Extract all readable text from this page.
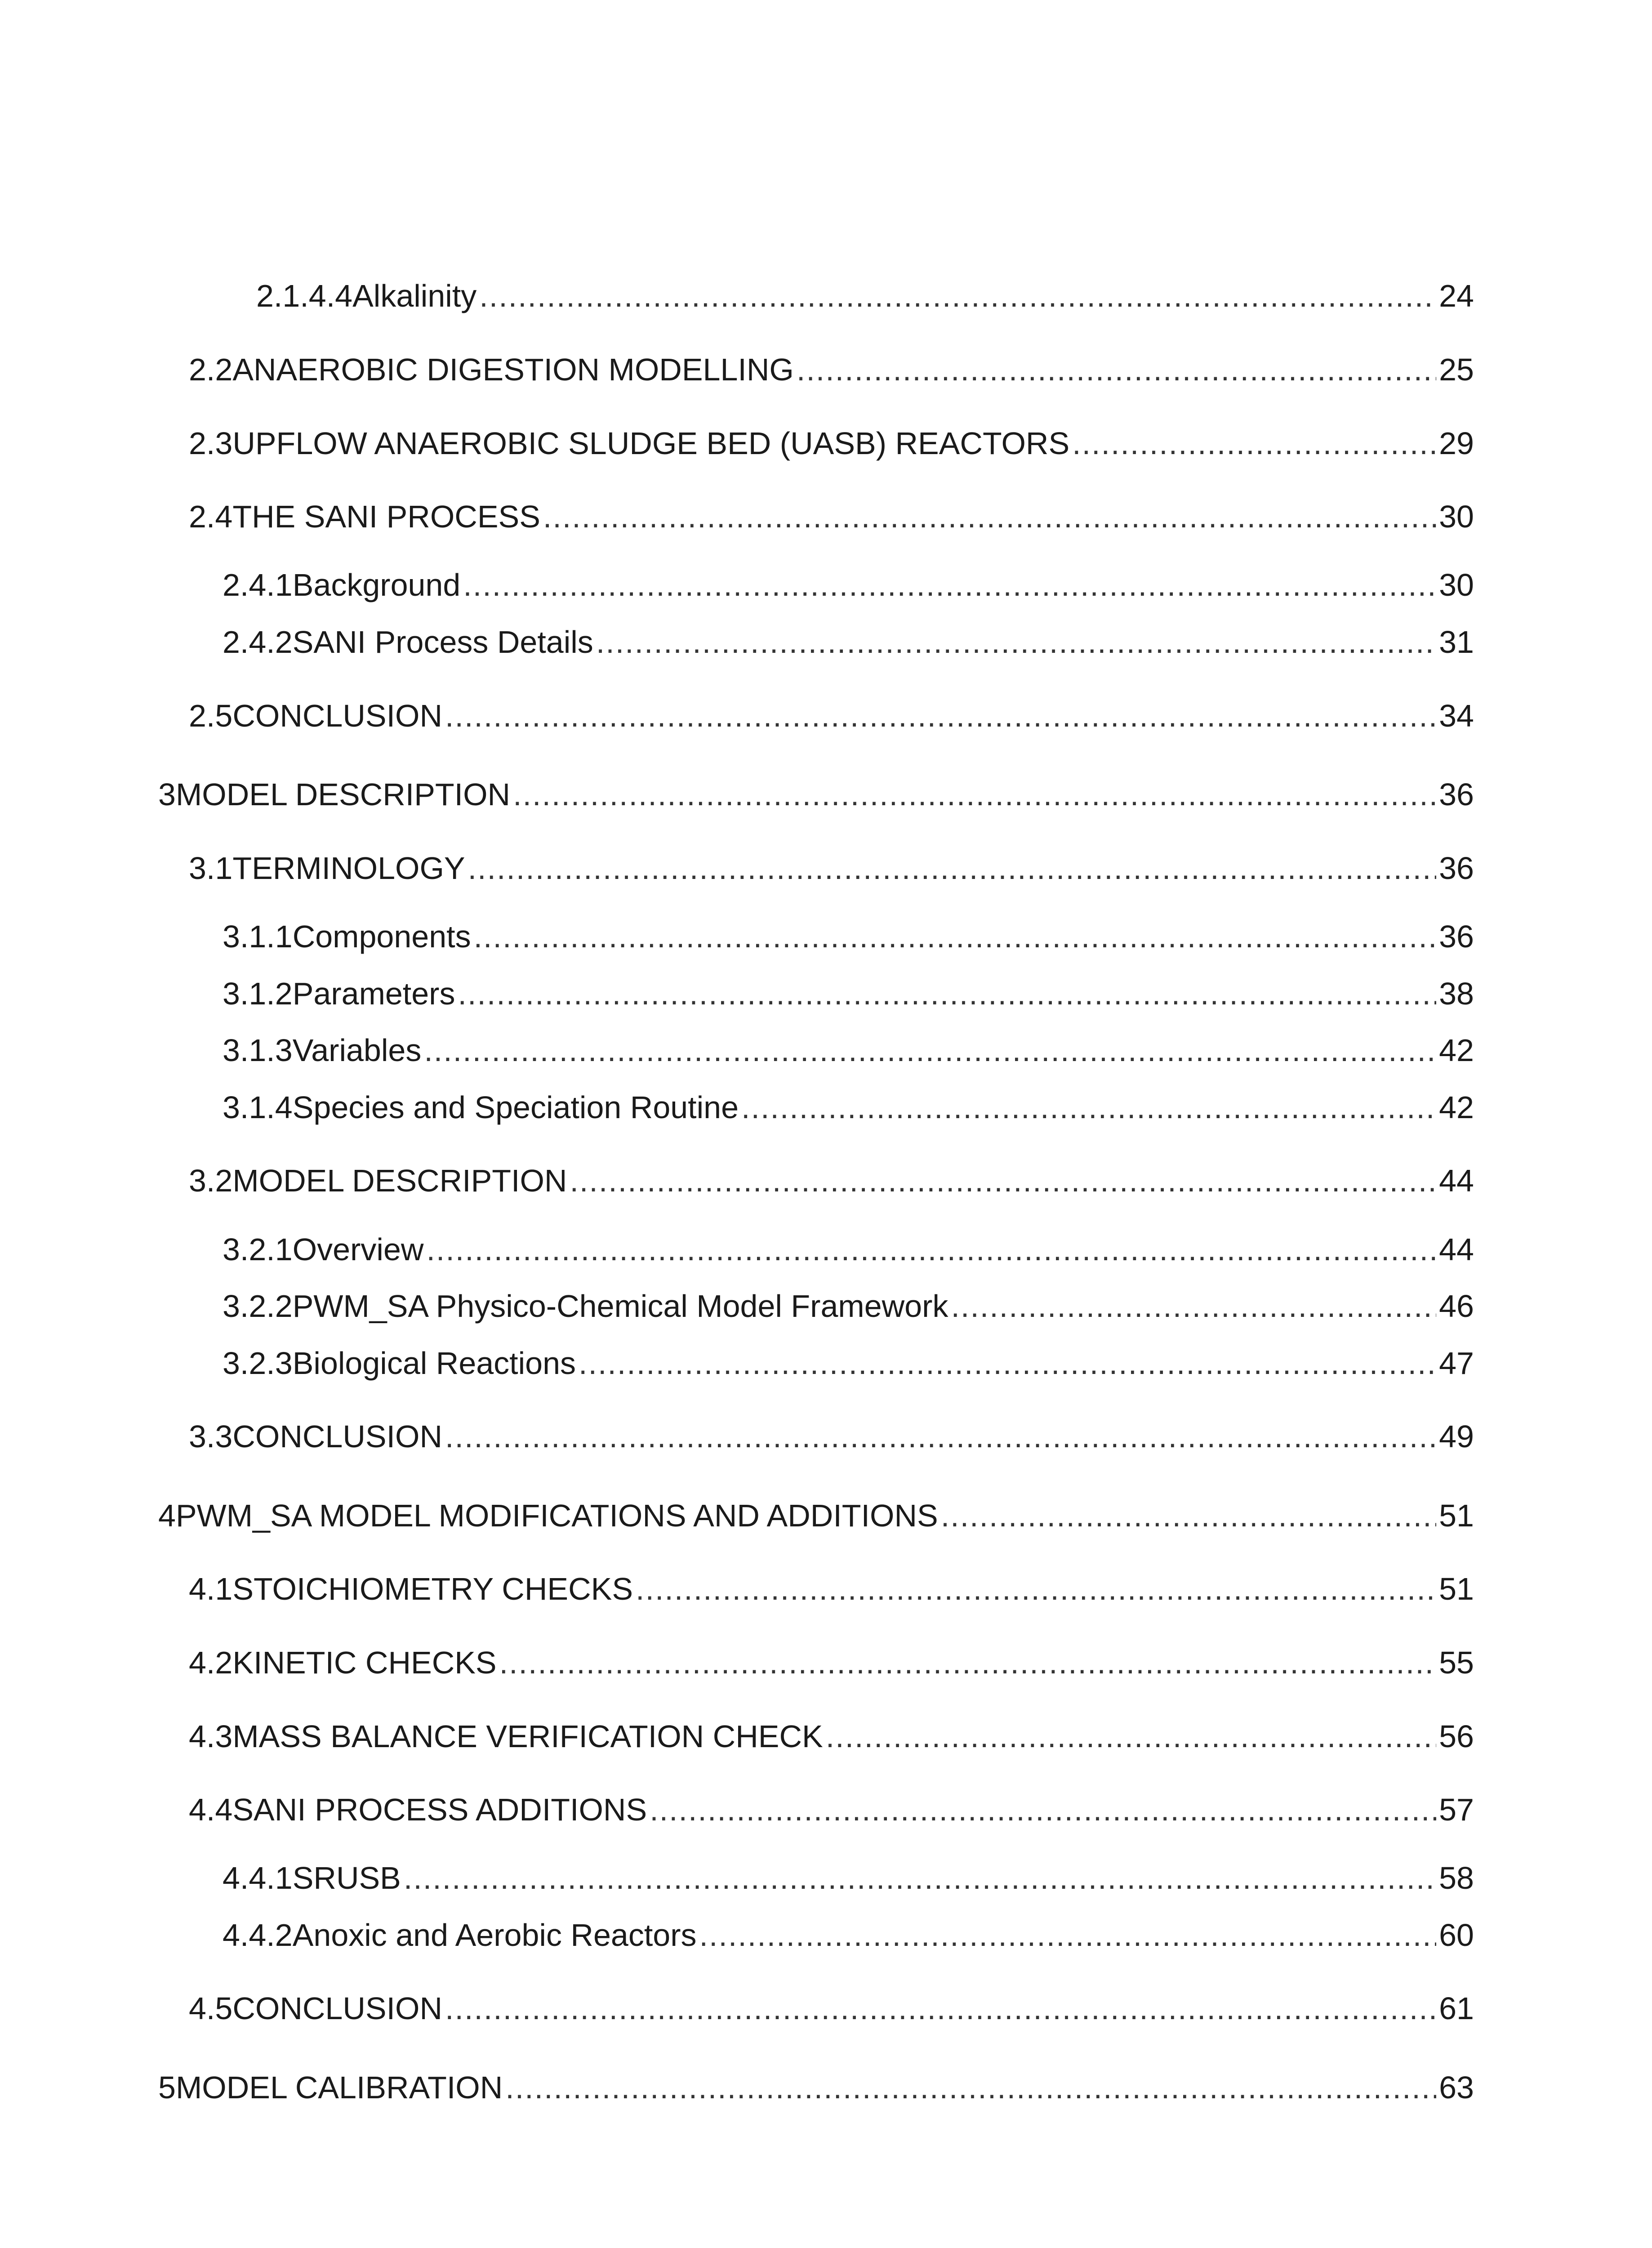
2.1.4.4 Alkalinity .....	24
2.2 ANAEROBIC DIGESTION MODELLING .....	25
2.3 UPFLOW ANAEROBIC SLUDGE BED (UASB) REACTORS .....	29
2.4 THE SANI PROCESS .....	30
2.4.1 Background .....	30
2.4.2 SANI Process Details .....	31
2.5 CONCLUSION .....	34
3 MODEL DESCRIPTION .....	36
3.1 TERMINOLOGY .....	36
3.1.1 Components .....	36
3.1.2 Parameters .....	38
3.1.3 Variables .....	42
3.1.4 Species and Speciation Routine .....	42
3.2 MODEL DESCRIPTION .....	44
3.2.1 Overview .....	44
3.2.2 PWM_SA Physico-Chemical Model Framework .....	46
3.2.3 Biological Reactions .....	47
3.3 CONCLUSION .....	49
4 PWM_SA MODEL MODIFICATIONS AND ADDITIONS .....	51
4.1 STOICHIOMETRY CHECKS .....	51
4.2 KINETIC CHECKS .....	55
4.3 MASS BALANCE VERIFICATION CHECK .....	56
4.4 SANI PROCESS ADDITIONS .....	57
4.4.1 SRUSB .....	58
4.4.2 Anoxic and Aerobic Reactors .....	60
4.5 CONCLUSION .....	61
5 MODEL CALIBRATION .....	63
